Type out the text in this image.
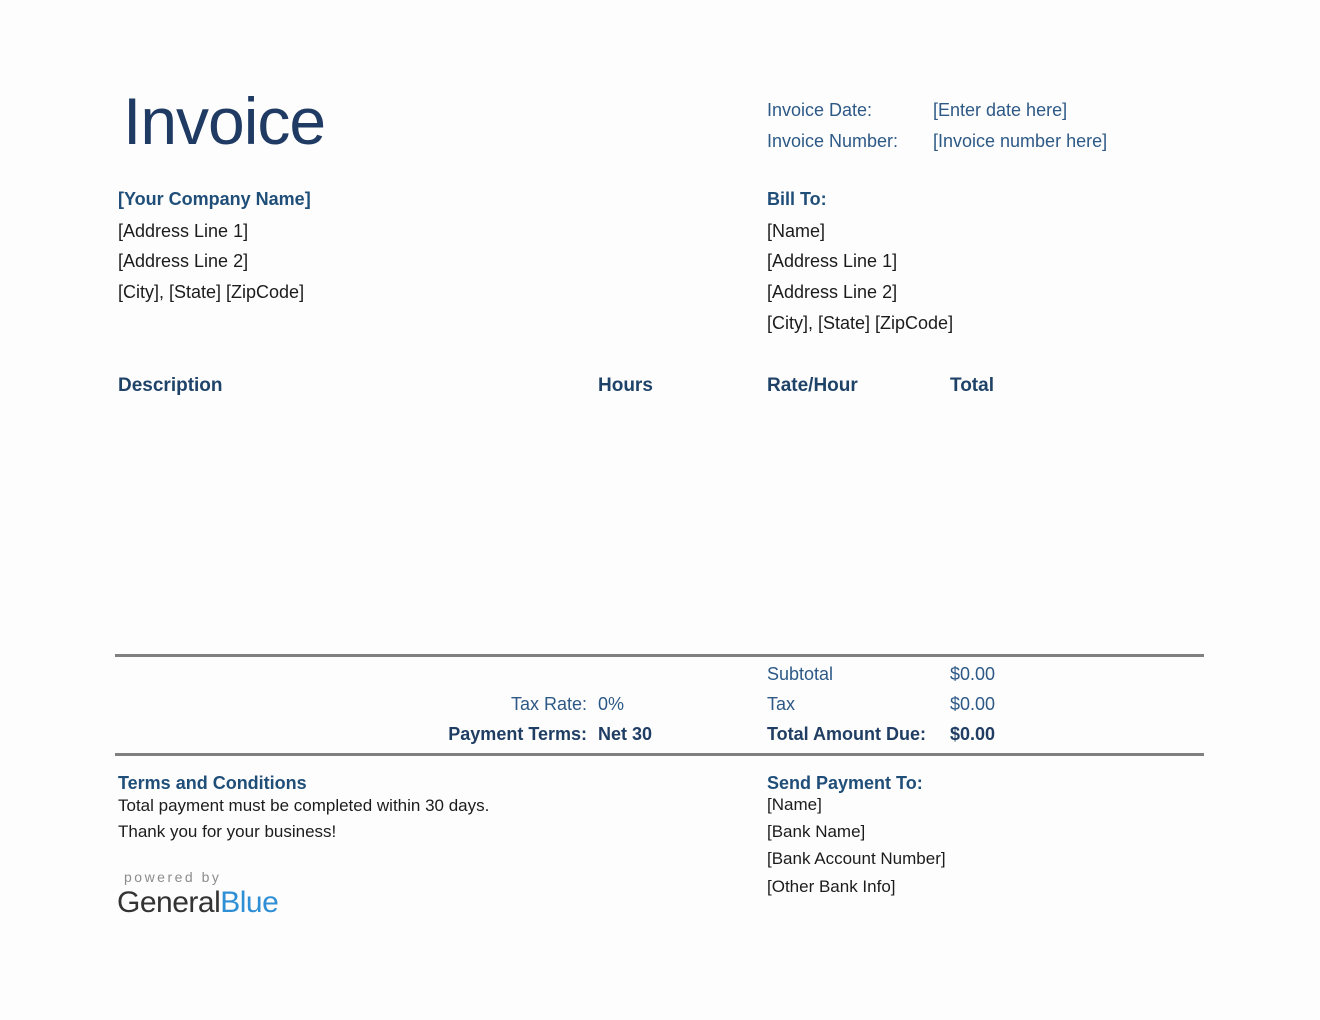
Invoice	Invoice Date:	[Enter date here]
Invoice Number: [Invoice number here]
[Your Company Name]
[Address Line 1]
[Address Line 2]
[City], [State] [ZipCode]
Bill To:
[Name]
[Address Line 1]
[Address Line 2]
[City], [State] [ZipCode]
Description	Hours	Rate/Hour	Total
Subtotal	$0.00
Tax Rate: 0%	Tax	$0.00
Payment Terms: Net 30	Total Amount Due: $0.00
Terms and Conditions
Total payment must be completed within 30 days.
Thank you for your business!
Send Payment To:
[Name]
[Bank Name]
[Bank Account Number]
[Other Bank Info]
powered by
GeneralBlue
